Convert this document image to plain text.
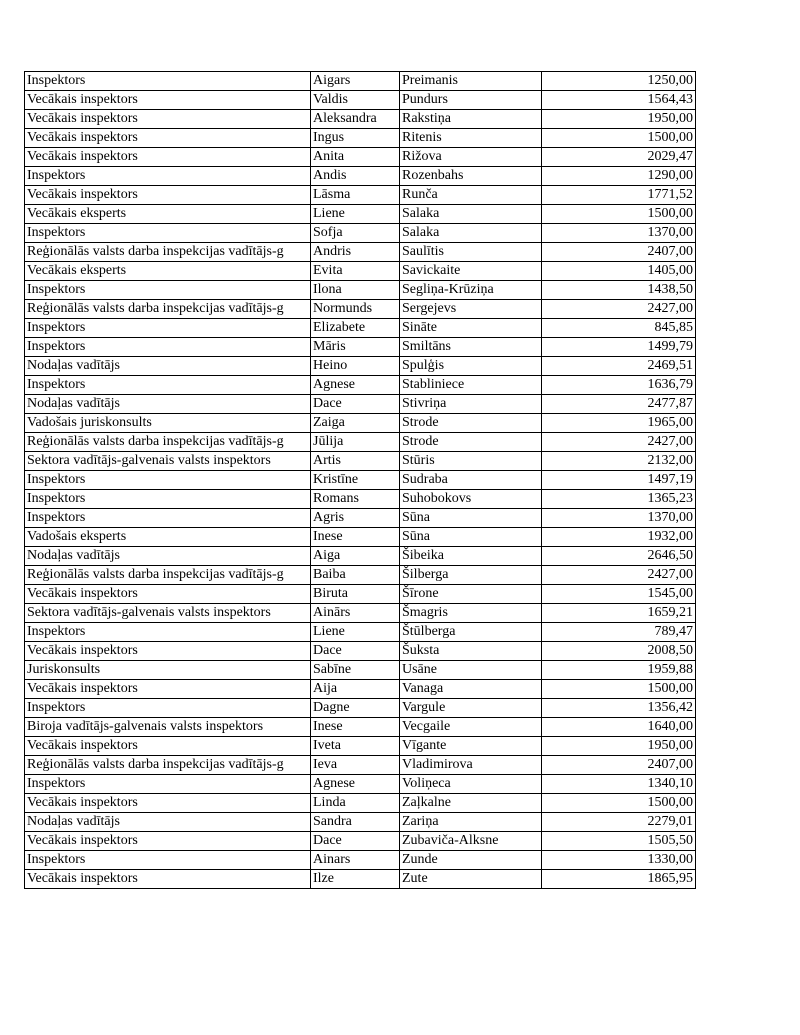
Inspektors	Aigars	Preimanis	1250,00
Vecākais inspektors	Valdis	Pundurs	1564,43
Vecākais inspektors	Aleksandra	Rakstiņa	1950,00
Vecākais inspektors	Ingus	Ritenis	1500,00
Vecākais inspektors	Anita	Rižova	2029,47
Inspektors	Andis	Rozenbahs	1290,00
Vecākais inspektors	Lāsma	Runča	1771,52
Vecākais eksperts	Liene	Salaka	1500,00
Inspektors	Sofja	Salaka	1370,00
Reģionālās valsts darba inspekcijas vadītājs-g	Andris	Saulītis	2407,00
Vecākais eksperts	Evita	Savickaite	1405,00
Inspektors	Ilona	Segliņa-Krūziņa	1438,50
Reģionālās valsts darba inspekcijas vadītājs-g	Normunds	Sergejevs	2427,00
Inspektors	Elizabete	Sināte	845,85
Inspektors	Māris	Smiltāns	1499,79
Nodaļas vadītājs	Heino	Spulģis	2469,51
Inspektors	Agnese	Stabliniece	1636,79
Nodaļas vadītājs	Dace	Stivriņa	2477,87
Vadošais juriskonsults	Zaiga	Strode	1965,00
Reģionālās valsts darba inspekcijas vadītājs-g	Jūlija	Strode	2427,00
Sektora vadītājs-galvenais valsts inspektors	Artis	Stūris	2132,00
Inspektors	Kristīne	Sudraba	1497,19
Inspektors	Romans	Suhobokovs	1365,23
Inspektors	Agris	Sūna	1370,00
Vadošais eksperts	Inese	Sūna	1932,00
Nodaļas vadītājs	Aiga	Šibeika	2646,50
Reģionālās valsts darba inspekcijas vadītājs-g	Baiba	Šilberga	2427,00
Vecākais inspektors	Biruta	Šīrone	1545,00
Sektora vadītājs-galvenais valsts inspektors	Ainārs	Šmagris	1659,21
Inspektors	Liene	Štūlberga	789,47
Vecākais inspektors	Dace	Šuksta	2008,50
Juriskonsults	Sabīne	Usāne	1959,88
Vecākais inspektors	Aija	Vanaga	1500,00
Inspektors	Dagne	Vargule	1356,42
Biroja vadītājs-galvenais valsts inspektors	Inese	Vecgaile	1640,00
Vecākais inspektors	Iveta	Vīgante	1950,00
Reģionālās valsts darba inspekcijas vadītājs-g	Ieva	Vladimirova	2407,00
Inspektors	Agnese	Voliņeca	1340,10
Vecākais inspektors	Linda	Zaļkalne	1500,00
Nodaļas vadītājs	Sandra	Zariņa	2279,01
Vecākais inspektors	Dace	Zubaviča-Alksne	1505,50
Inspektors	Ainars	Zunde	1330,00
Vecākais inspektors	Ilze	Zute	1865,95
